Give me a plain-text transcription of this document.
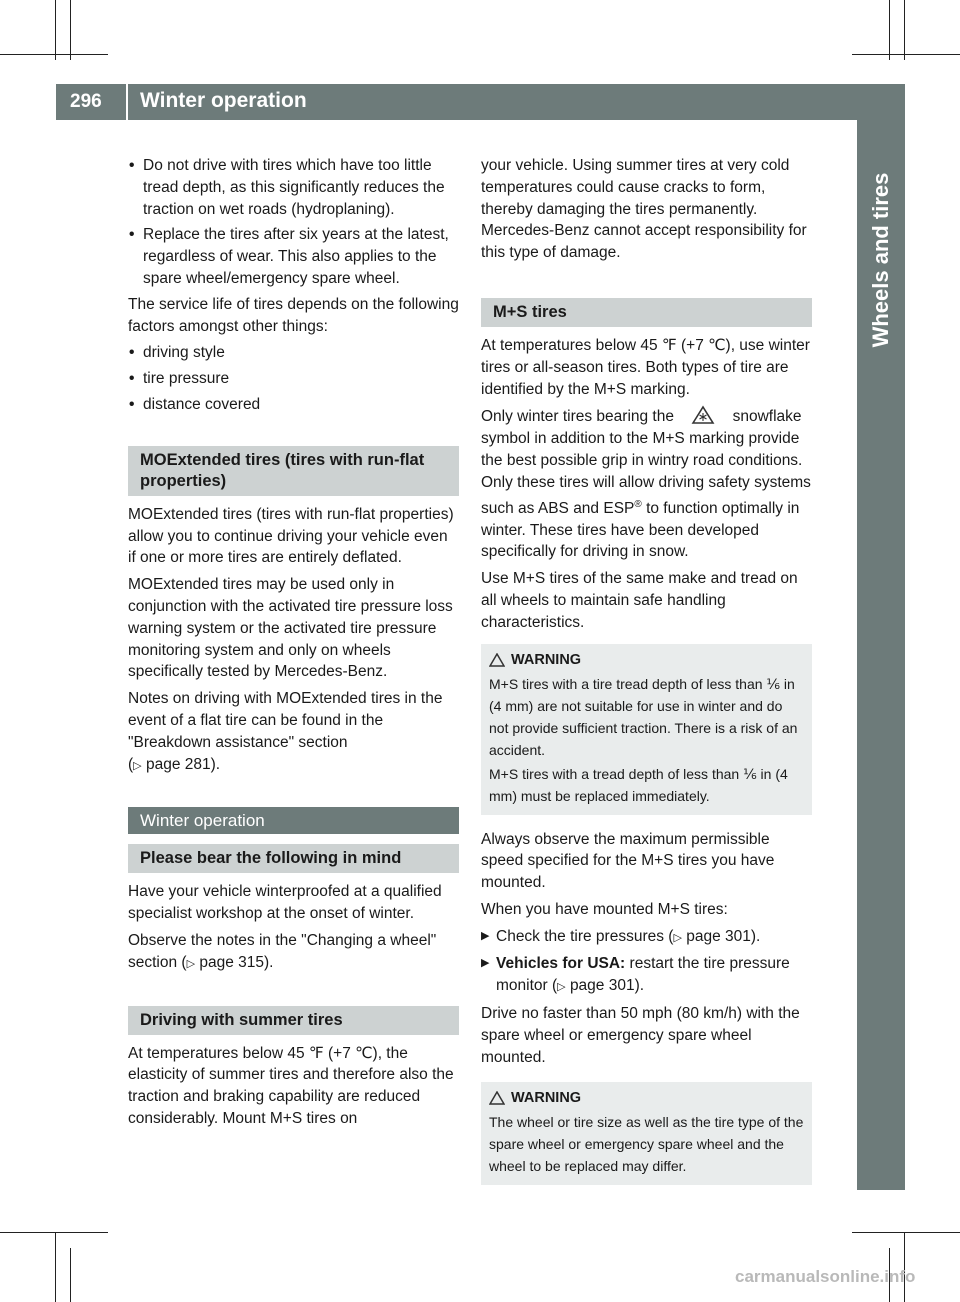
296	Winter operation
Wheels and tires
• Do not drive with tires which have too little tread depth, as this significantly reduces the traction on wet roads (hydroplaning).
• Replace the tires after six years at the latest, regardless of wear. This also applies to the spare wheel/emergency spare wheel.

The service life of tires depends on the following factors amongst other things:

• driving style
• tire pressure
• distance covered
MOExtended tires (tires with run-flat properties)

MOExtended tires (tires with run-flat properties) allow you to continue driving your vehicle even if one or more tires are entirely deflated.

MOExtended tires may be used only in conjunction with the activated tire pressure loss warning system or the activated tire pressure monitoring system and only on wheels specifically tested by Mercedes-Benz.

Notes on driving with MOExtended tires in the event of a flat tire can be found in the "Breakdown assistance" section
(▷ page 281).

Winter operation
Please bear the following in mind

Have your vehicle winterproofed at a qualified specialist workshop at the onset of winter.

Observe the notes in the "Changing a wheel" section (▷ page 315).

Driving with summer tires

At temperatures below 45 ℉ (+7 ℃), the elasticity of summer tires and therefore also the traction and braking capability are reduced considerably. Mount M+S tires on

your vehicle. Using summer tires at very cold temperatures could cause cracks to form, thereby damaging the tires permanently. Mercedes-Benz cannot accept responsibility for this type of damage.

M+S tires

At temperatures below 45 ℉ (+7 ℃), use winter tires or all-season tires. Both types of tire are identified by the M+S marking.

Only winter tires bearing the	snowflake symbol in addition to the M+S marking provide the best possible grip in wintry road conditions. Only these tires will allow driving safety systems such as ABS and ESP® to function optimally in winter. These tires have been developed specifically for driving in snow.

Use M+S tires of the same make and tread on all wheels to maintain safe handling characteristics.

WARNING

M+S tires with a tire tread depth of less than ⅙ in (4 mm) are not suitable for use in winter and do not provide sufficient traction. There is a risk of an accident.

M+S tires with a tread depth of less than ⅙ in (4 mm) must be replaced immediately.

Always observe the maximum permissible speed specified for the M+S tires you have mounted.

When you have mounted M+S tires:

▶ Check the tire pressures (▷ page 301).
▶ Vehicles for USA: restart the tire pressure monitor (▷ page 301).

Drive no faster than 50 mph (80 km/h) with the spare wheel or emergency spare wheel mounted.

WARNING

The wheel or tire size as well as the tire type of the spare wheel or emergency spare wheel and the wheel to be replaced may differ.

carmanualsonline.info
